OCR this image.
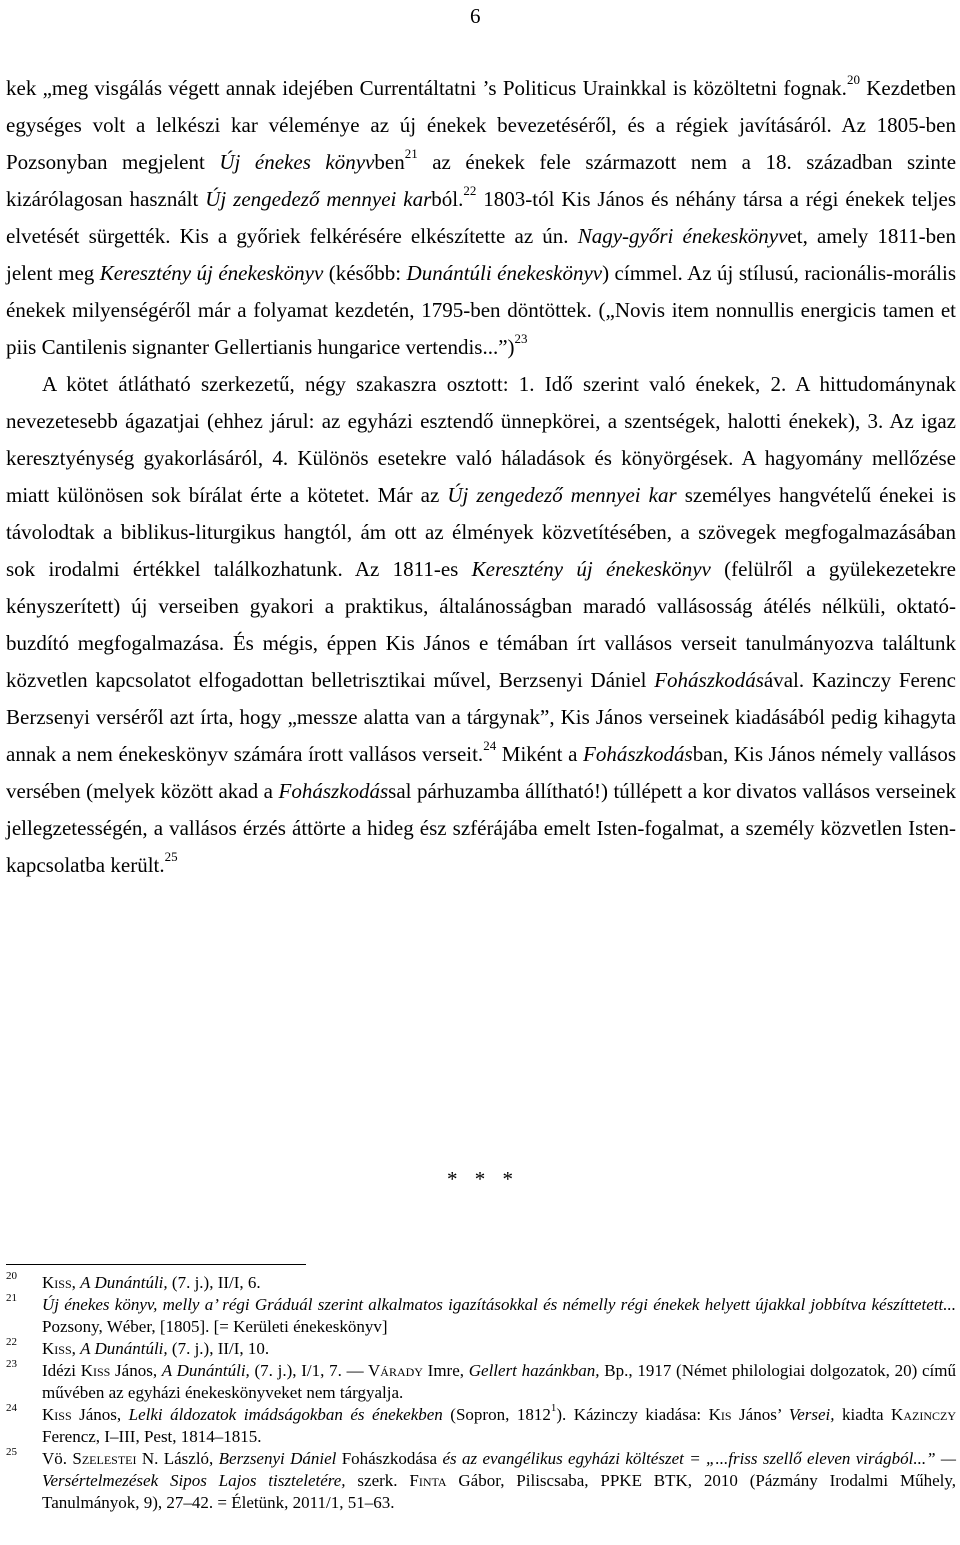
6

kek „meg visgálás végett annak idejében Currentáltatni ’s Politicus Urainkkal is közöltetni fognak.$^{20}$ Kezdetben egységes volt a lelkészi kar véleménye az új énekek bevezetéséről, és a régiek javításáról. Az 1805-ben Pozsonyban megjelent Új énekes könyvben$^{21}$ az énekek fele származott nem a 18. században szinte kizárólagosan használt Új zengedező mennyei karból.$^{22}$ 1803-tól Kis János és néhány társa a régi énekek teljes elvetését sürgették. Kis a győriek felkérésére elkészítette az ún. Nagy-győri énekeskönyvet, amely 1811-ben jelent meg Keresztény új énekeskönyv (később: Dunántúli énekeskönyv) címmel. Az új stílusú, racionális-morális énekek milyenségéről már a folyamat kezdetén, 1795-ben döntöttek. („Novis item nonnullis energicis tamen et piis Cantilenis signanter Gellertianis hungarice vertendis...”)$^{23}$

A kötet átlátható szerkezetű, négy szakaszra osztott: 1. Idő szerint való énekek, 2. A hittudománynak nevezetesebb ágazatjai (ehhez járul: az egyházi esztendő ünnepkörei, a szentségek, halotti énekek), 3. Az igaz keresztyénység gyakorlásáról, 4. Különös esetekre való háladások és könyörgések. A hagyomány mellőzése miatt különösen sok bírálat érte a kötetet. Már az Új zengedező mennyei kar személyes hangvételű énekei is távolodtak a biblikus-liturgikus hangtól, ám ott az élmények közvetítésében, a szövegek megfogalmazásában sok irodalmi értékkel találkozhatunk. Az 1811-es Keresztény új énekeskönyv (felülről a gyülekezetekre kényszerített) új verseiben gyakori a praktikus, általánosságban maradó vallásosság átélés nélküli, oktató-buzdító megfogalmazása. És mégis, éppen Kis János e témában írt vallásos verseit tanulmányozva találtunk közvetlen kapcsolatot elfogadottan belletrisztikai művel, Berzsenyi Dániel Fohászkodásával. Kazinczy Ferenc Berzsenyi verséről azt írta, hogy „messze alatta van a tárgynak”, Kis János verseinek kiadásából pedig kihagyta annak a nem énekeskönyv számára írott vallásos verseit.$^{24}$ Miként a Fohászkodásban, Kis János némely vallásos versében (melyek között akad a Fohászkodással párhuzamba állítható!) túllépett a kor divatos vallásos verseinek jellegzetességén, a vallásos érzés áttörte a hideg ész szférájába emelt Isten-fogalmat, a személy közvetlen Isten-kapcsolatba került.$^{25}$

* * *

$^{20}$ Kiss, A Dunántúli, (7. j.), II/I, 6.

$^{21}$ Új énekes könyv, melly a’ régi Gráduál szerint alkalmatos igazításokkal és némelly régi énekek helyett újakkal jobbítva készíttetett... Pozsony, Wéber, [1805]. [= Kerületi énekeskönyv]

$^{22}$ Kiss, A Dunántúli, (7. j.), II/I, 10.

$^{23}$ Idézi Kiss János, A Dunántúli, (7. j.), I/1, 7. — Várady Imre, Gellert hazánkban, Bp., 1917 (Német philologiai dolgozatok, 20) című művében az egyházi énekeskönyveket nem tárgyalja.

$^{24}$ Kiss János, Lelki áldozatok imádságokban és énekekben (Sopron, 1812$^1$). Kázinczy kiadása: Kis János’ Versei, kiadta Kazinczy Ferencz, I–III, Pest, 1814–1815.

$^{25}$ Vö. Szelestei N. László, Berzsenyi Dániel Fohászkodása és az evangélikus egyházi költészet = „...friss szellő eleven virágból...” — Versértelmezések Sipos Lajos tiszteletére, szerk. Finta Gábor, Piliscsaba, PPKE BTK, 2010 (Pázmány Irodalmi Műhely, Tanulmányok, 9), 27–42. = Életünk, 2011/1, 51–63.
